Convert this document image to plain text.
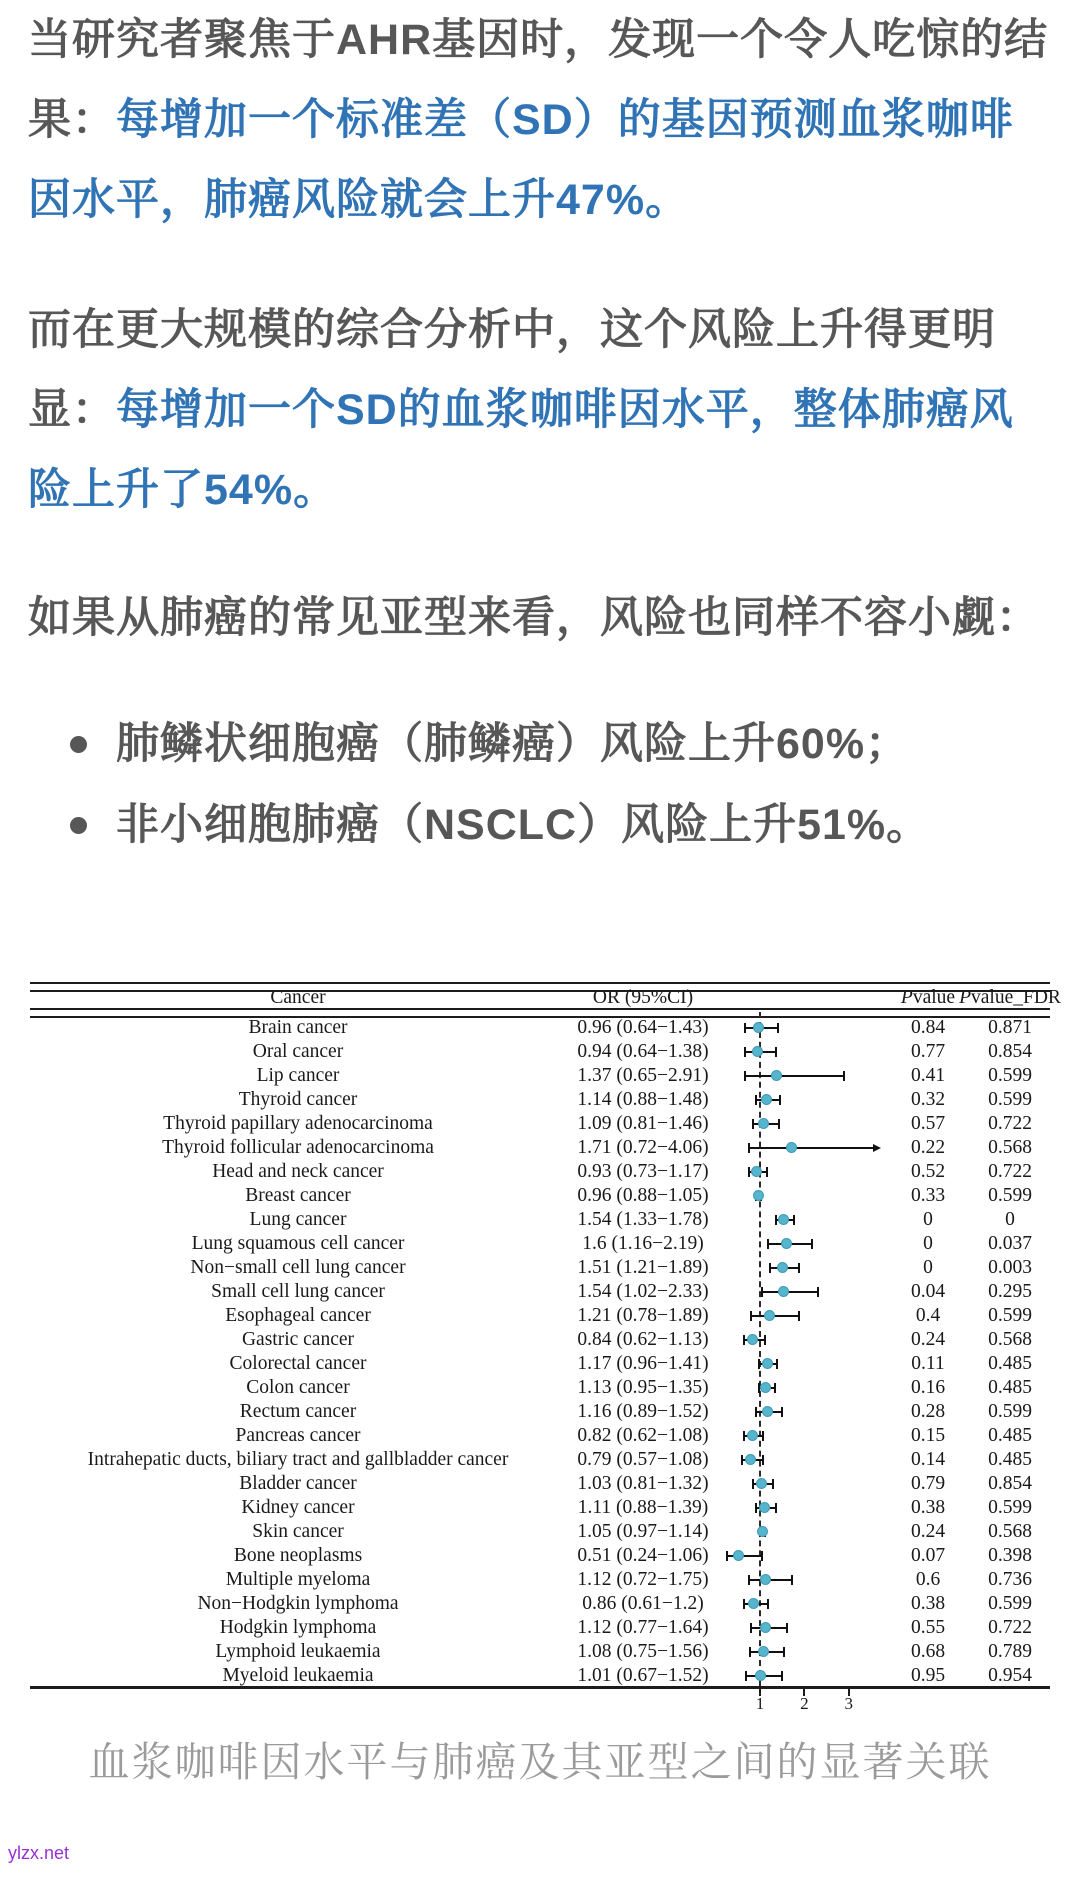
当研究者聚焦于AHR基因时，发现一个令人吃惊的结果：每增加一个标准差（SD）的基因预测血浆咖啡因水平，肺癌风险就会上升47%。

而在更大规模的综合分析中，这个风险上升得更明显：每增加一个SD的血浆咖啡因水平，整体肺癌风险上升了54%。

如果从肺癌的常见亚型来看，风险也同样不容小觑：

肺鳞状细胞癌（肺鳞癌）风险上升60%；
非小细胞肺癌（NSCLC）风险上升51%。
Cancer	OR (95%CI)	Pvalue Pvalue_FDR
Brain cancer	0.96 (0.64−1.43)	0.84 0.871
Oral cancer	0.94 (0.64−1.38)	0.77 0.854
Lip cancer	1.37 (0.65−2.91)	0.41 0.599
Thyroid cancer	1.14 (0.88−1.48)	0.32 0.599
Thyroid papillary adenocarcinoma	1.09 (0.81−1.46)	0.57 0.722
Thyroid follicular adenocarcinoma	1.71 (0.72−4.06)	0.22 0.568
Head and neck cancer	0.93 (0.73−1.17)	0.52 0.722
Breast cancer	0.96 (0.88−1.05)	0.33 0.599
Lung cancer	1.54 (1.33−1.78)	0	0
Lung squamous cell cancer	1.6 (1.16−2.19)	0	0.037
Non−small cell lung cancer	1.51 (1.21−1.89)	0	0.003
Small cell lung cancer	1.54 (1.02−2.33)	0.04 0.295
Esophageal cancer	1.21 (0.78−1.89)	0.4 0.599
Gastric cancer	0.84 (0.62−1.13)	0.24 0.568
Colorectal cancer	1.17 (0.96−1.41)	0.11 0.485
Colon cancer	1.13 (0.95−1.35)	0.16 0.485
Rectum cancer	1.16 (0.89−1.52)	0.28 0.599
Pancreas cancer	0.82 (0.62−1.08)	0.15 0.485
Intrahepatic ducts, biliary tract and gallbladder cancer	0.79 (0.57−1.08)	0.14 0.485
Bladder cancer	1.03 (0.81−1.32)	0.79 0.854
Kidney cancer	1.11 (0.88−1.39)	0.38 0.599
Skin cancer	1.05 (0.97−1.14)	0.24 0.568
Bone neoplasms	0.51 (0.24−1.06)	0.07 0.398
Multiple myeloma	1.12 (0.72−1.75)	0.6 0.736
Non−Hodgkin lymphoma	0.86 (0.61−1.2)	0.38 0.599
Hodgkin lymphoma	1.12 (0.77−1.64)	0.55 0.722
Lymphoid leukaemia	1.08 (0.75−1.56)	0.68 0.789
Myeloid leukaemia	1.01 (0.67−1.52)	0.95 0.954
1 2 3
血浆咖啡因水平与肺癌及其亚型之间的显著关联
ylzx.net
